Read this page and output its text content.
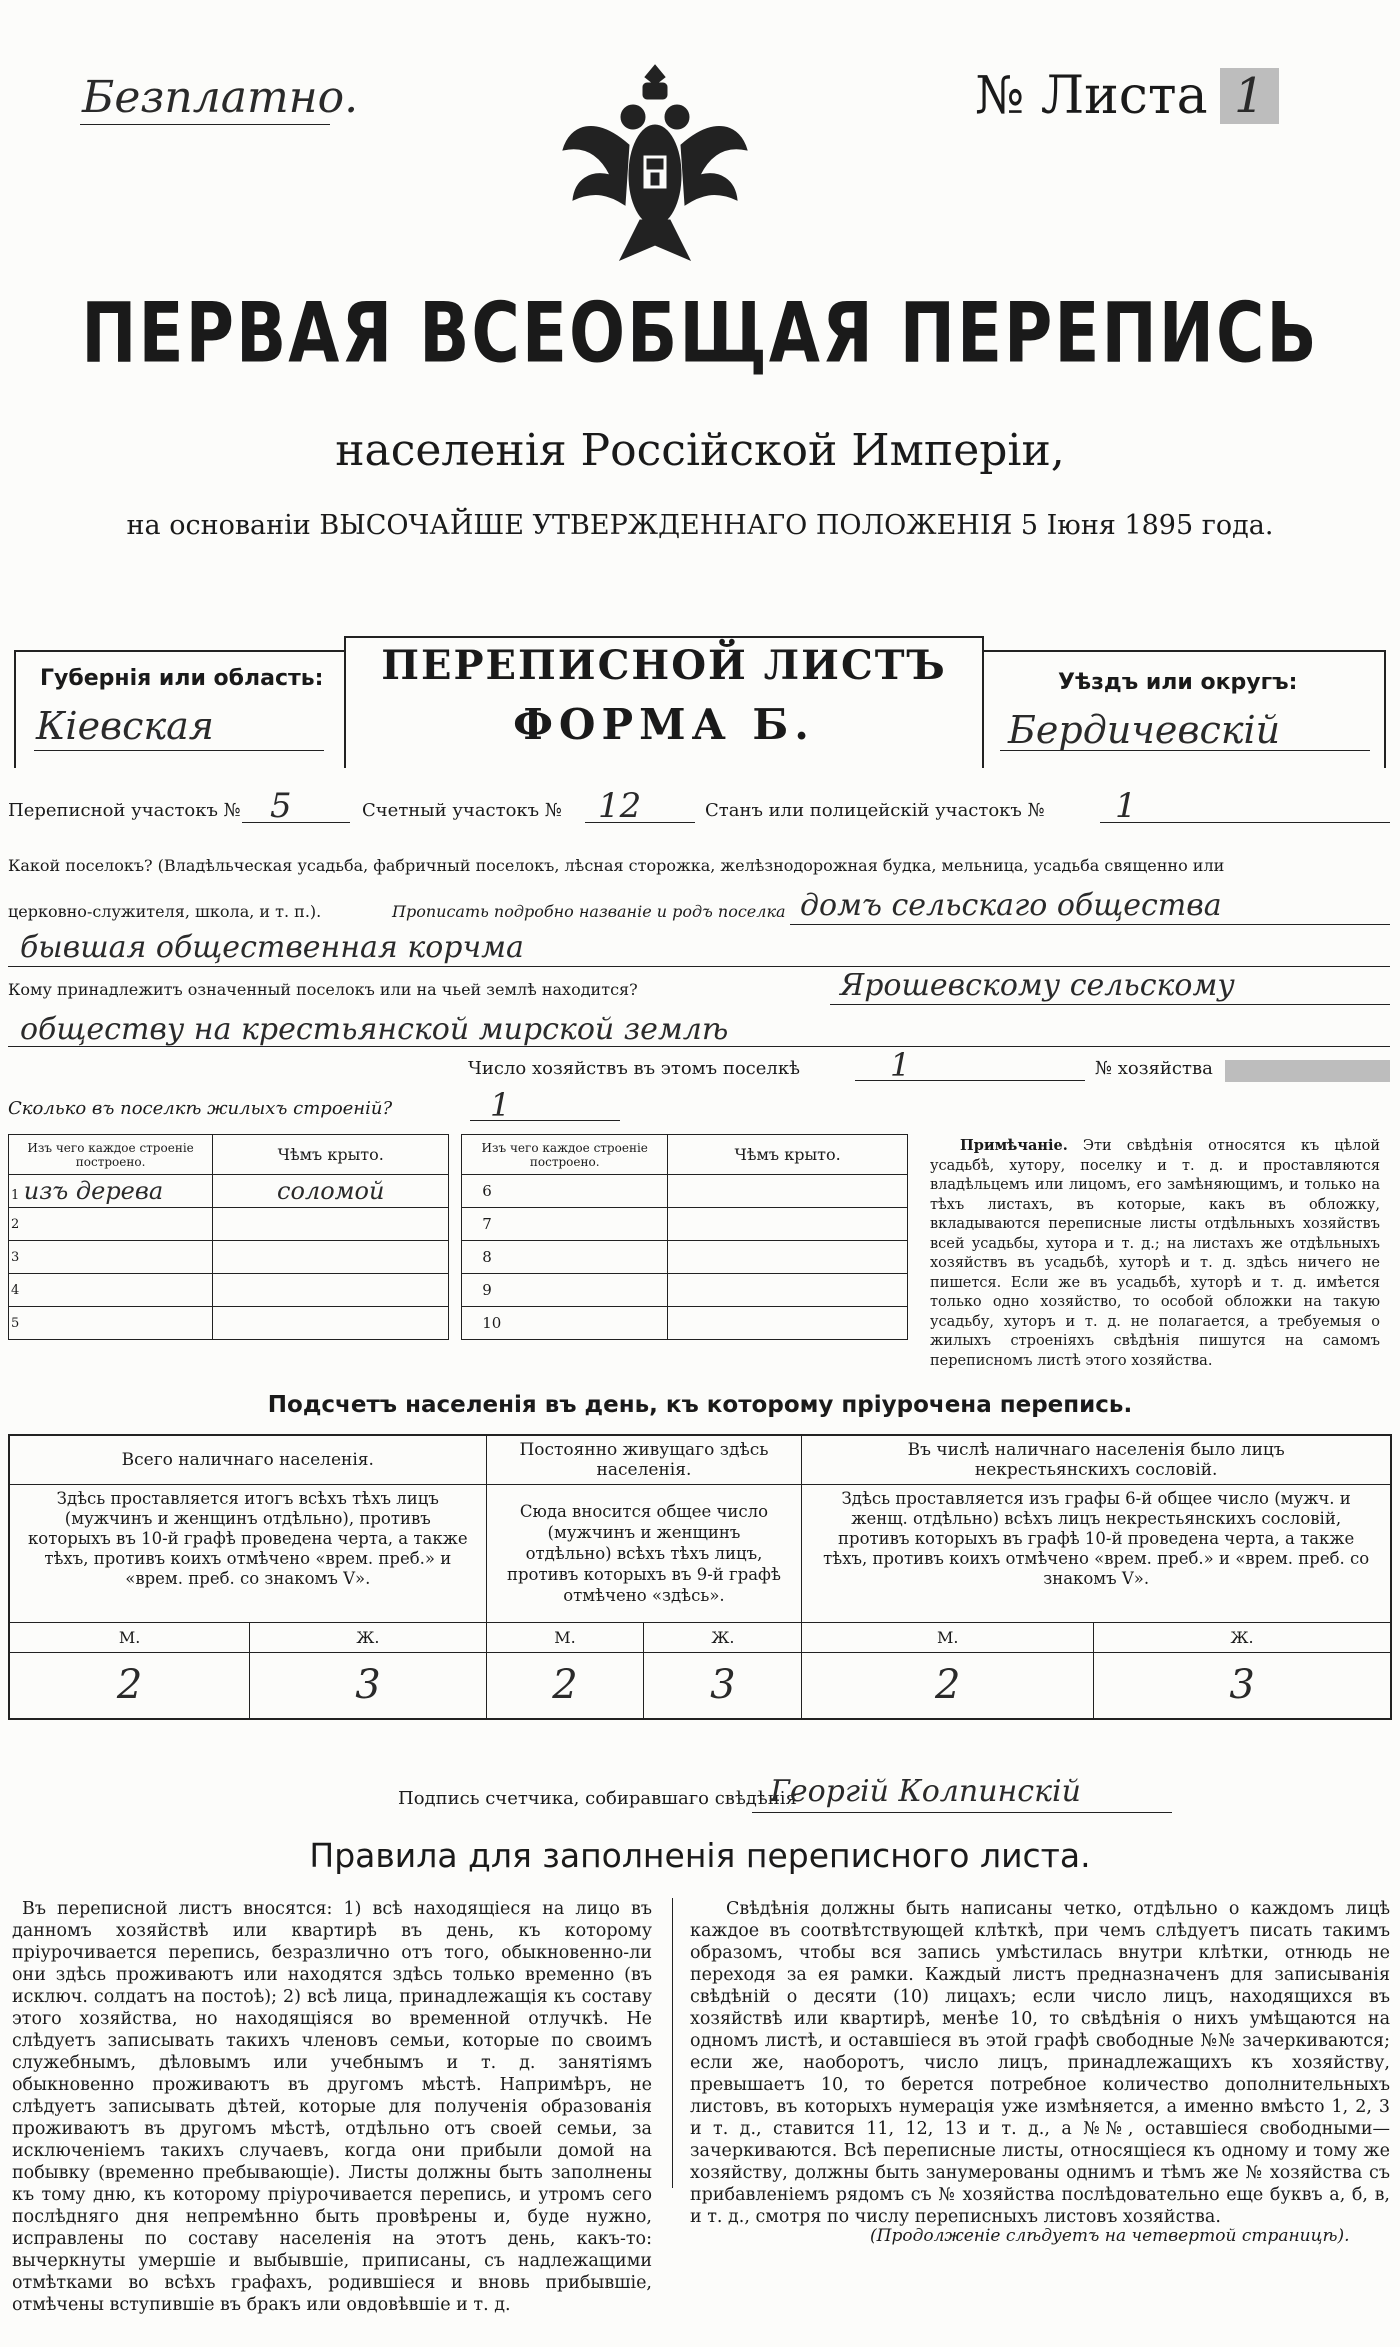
Безплатно.	№ Листа 1
ПЕРВАЯ ВСЕОБЩАЯ ПЕРЕПИСЬ
населенія Россійской Имперіи,
на основаніи ВЫСОЧАЙШЕ УТВЕРЖДЕННАГО ПОЛОЖЕНІЯ 5 Іюня 1895 года.
Губернія или область:
Кіевская
ПЕРЕПИСНОЙ ЛИСТЪ
ФОРМА Б.
Уѣздъ или округъ:
Бердичевскій
Переписной участокъ № 5	Счетный участокъ № 12	Станъ или полицейскій участокъ № 1
Какой поселокъ? (Владѣльческая усадьба, фабричный поселокъ, лѣсная сторожка, желѣзнодорожная будка, мельница, усадьба священно или
церковно-служителя, школа, и т. п.).	Прописать подробно названіе и родъ поселка домъ сельскаго общества
бывшая общественная корчма
Кому принадлежитъ означенный поселокъ или на чьей землѣ находится?	Ярошевскому сельскому
обществу на крестьянской мирской землѣ
Число хозяйствъ въ этомъ поселкѣ	1	№ хозяйства
Сколько въ поселкѣ жилыхъ строеній?	1
Изъ чего каждое строеніе построено.	Чѣмъ крыто.		Изъ чего каждое строеніе построено.	Чѣмъ крыто.
1 изъ дерева	соломой		6	
2			7	
3			8	
4			9	
5			10	
Примѣчаніе. Эти свѣдѣнія относятся къ цѣлой усадьбѣ, хутору, поселку и т. д. и проставляются владѣльцемъ или лицомъ, его замѣняющимъ, и только на тѣхъ листахъ, въ которые, какъ въ обложку, вкладываются переписные листы отдѣльныхъ хозяйствъ всей усадьбы, хутора и т. д.; на листахъ же отдѣльныхъ хозяйствъ въ усадьбѣ, хуторѣ и т. д. здѣсь ничего не пишется. Если же въ усадьбѣ, хуторѣ и т. д. имѣется только одно хозяйство, то особой обложки на такую усадьбу, хуторъ и т. д. не полагается, а требуемыя о жилыхъ строеніяхъ свѣдѣнія пишутся на самомъ переписномъ листѣ этого хозяйства.
Подсчетъ населенія въ день, къ которому пріурочена перепись.
Всего наличнаго населенія.		Постоянно живущаго здѣсь населенія.		Въ числѣ наличнаго населенія было лицъ некрестьянскихъ сословій.	
Здѣсь проставляется итогъ всѣхъ тѣхъ лицъ (мужчинъ и женщинъ отдѣльно), противъ которыхъ въ 10-й графѣ проведена черта, а также тѣхъ, противъ коихъ отмѣчено «врем. преб.» и «врем. преб. со знакомъ V».		Сюда вносится общее число (мужчинъ и женщинъ отдѣльно) всѣхъ тѣхъ лицъ, противъ которыхъ въ 9-й графѣ отмѣчено «здѣсь».		Здѣсь проставляется изъ графы 6-й общее число (мужч. и женщ. отдѣльно) всѣхъ лицъ некрестьянскихъ сословій, противъ которыхъ въ графѣ 10-й проведена черта, а также тѣхъ, противъ коихъ отмѣчено «врем. преб.» и «врем. преб. со знакомъ V».	
М.	Ж.	М.	Ж.	М.	Ж.
2	3	2	3	2	3
Подпись счетчика, собиравшаго свѣдѣнія
Георгій Колпинскій
Правила для заполненія переписного листа.
Въ переписной листъ вносятся: 1) всѣ находящіеся на лицо въ данномъ хозяйствѣ или квартирѣ въ день, къ которому пріурочивается перепись, безразлично отъ того, обыкновенно-ли они здѣсь проживаютъ или находятся здѣсь только временно (въ исключ. солдатъ на постоѣ); 2) всѣ лица, принадлежащія къ составу этого хозяйства, но находящіяся во временной отлучкѣ. Не слѣдуетъ записывать такихъ членовъ семьи, которые по своимъ служебнымъ, дѣловымъ или учебнымъ и т. д. занятіямъ обыкновенно проживаютъ въ другомъ мѣстѣ. Напримѣръ, не слѣдуетъ записывать дѣтей, которые для полученія образованія проживаютъ въ другомъ мѣстѣ, отдѣльно отъ своей семьи, за исключеніемъ такихъ случаевъ, когда они прибыли домой на побывку (временно пребывающіе). Листы должны быть заполнены къ тому дню, къ которому пріурочивается перепись, и утромъ сего послѣдняго дня непремѣнно быть провѣрены и, буде нужно, исправлены по составу населенія на этотъ день, какъ-то: вычеркнуты умершіе и выбывшіе, приписаны, съ надлежащими отмѣтками во всѣхъ графахъ, родившіеся и вновь прибывшіе, отмѣчены вступившіе въ бракъ или овдовѣвшіе и т. д.
Свѣдѣнія должны быть написаны четко, отдѣльно о каждомъ лицѣ каждое въ соотвѣтствующей клѣткѣ, при чемъ слѣдуетъ писать такимъ образомъ, чтобы вся запись умѣстилась внутри клѣтки, отнюдь не переходя за ея рамки. Каждый листъ предназначенъ для записыванія свѣдѣній о десяти (10) лицахъ; если число лицъ, находящихся въ хозяйствѣ или квартирѣ, менѣе 10, то свѣдѣнія о нихъ умѣщаются на одномъ листѣ, и оставшіеся въ этой графѣ свободные №№ зачеркиваются; если же, наоборотъ, число лицъ, принадлежащихъ къ хозяйству, превышаетъ 10, то берется потребное количество дополнительныхъ листовъ, въ которыхъ нумерація уже измѣняется, а именно вмѣсто 1, 2, 3 и т. д., ставится 11, 12, 13 и т. д., а №№, оставшіеся свободными—зачеркиваются. Всѣ переписные листы, относящіеся къ одному и тому же хозяйству, должны быть занумерованы однимъ и тѣмъ же № хозяйства съ прибавленіемъ рядомъ съ № хозяйства послѣдовательно еще буквъ а, б, в, и т. д., смотря по числу переписныхъ листовъ хозяйства.
(Продолженіе слѣдуетъ на четвертой страницѣ).
